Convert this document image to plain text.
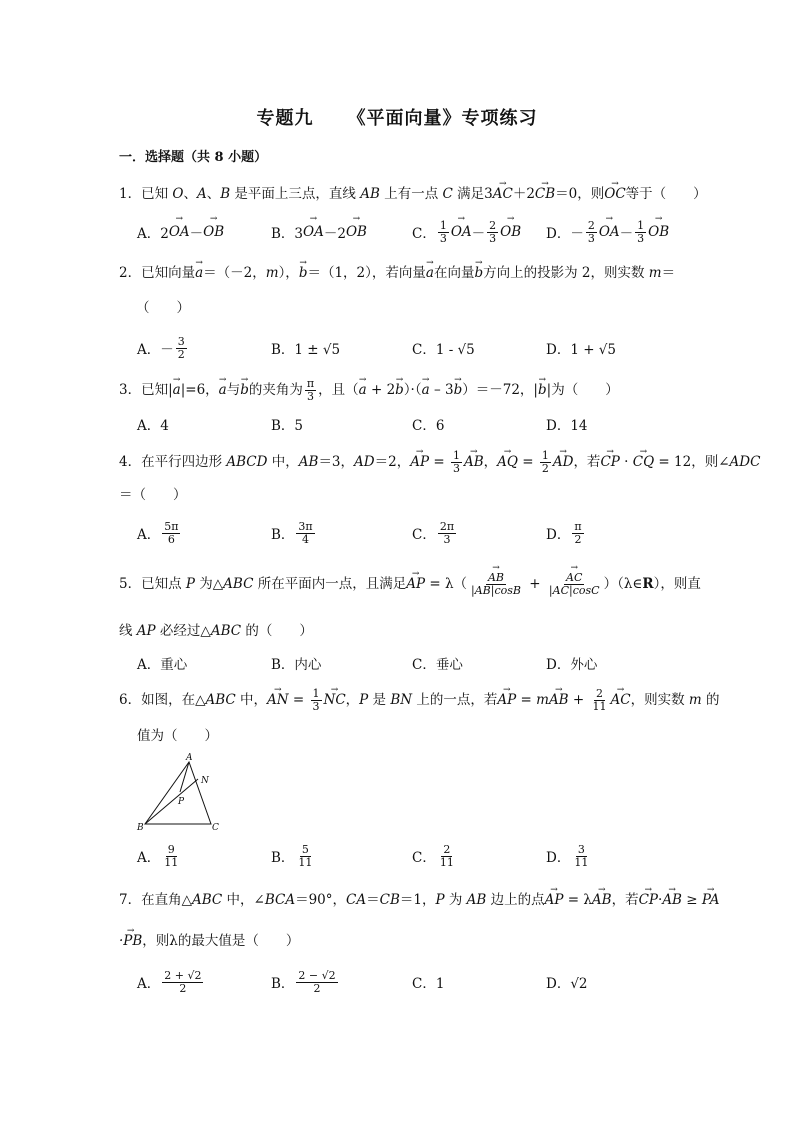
专题九 《平面向量》专项练习
一．选择题（共 8 小题）
1．已知 O、A、B 是平面上三点，直线 AB 上有一点 C 满足3→ AC＋2→ CB＝0，则→ OC等于（　　）
A．2
→ OA －
→ OB	B．3
→ OA －2
→ OB	C． $\frac{1}{3}$
→ OA － $\frac{2}{3}$
→ OB D．－ $\frac{2}{3}$
→ OA － $\frac{1}{3}$
→ OB
2．已知向量→ a＝（－2，m），→ b＝（1，2），若向量→ a在向量→ b方向上的投影为 2，则实数 m＝
（　　）
A．－ $\frac{3}{2}$	B．1 ± √5	C．1 - √5	D．1 + √5
3．已知|→ a|=6，→ a与→ b的夹角为 $\frac{\pi}{3}$ ，且（→ a + 2→ b）·（→ a – 3→ b）＝－72，|→ b|为（　　）
A．4	B．5	C．6	D．14
4．在平行四边形 ABCD 中，AB＝3，AD＝2，→ AP = $\frac{1}{3}$
→ AB，→ AQ = $\frac{1}{2}$
→ AD，若→ CP · → CQ = 12，则∠ADC
＝（　　）
A． $\frac{5\pi}{6}$	B． $\frac{3\pi}{4}$	C． $\frac{2\pi}{3}$	D． $\frac{\pi}{2}$
5．已知点 P 为△ABC 所在平面内一点，且满足→ AP = λ（
→ $\frac{AB}{|AB|\cos B}$ +
→ $\frac{AC}{|AC|\cos C}$ ）（λ∈R），则直
线 AP 必经过△ABC 的（　　）
A．重心	B．内心	C．垂心	D．外心
6．如图，在△ABC 中，→ AN = $\frac{1}{3}$
→ NC，P 是 BN 上的一点，若→ AP = m→ AB + $\frac{2}{11}$
→ AC，则实数 m 的
值为（　　）
A
N
P
B	C
A． $\frac{9}{11}$	B． $\frac{5}{11}$	C． $\frac{2}{11}$	D． $\frac{3}{11}$
7．在直角△ABC 中，∠BCA＝90°，CA＝CB＝1，P 为 AB 边上的点→ AP = λ→ AB，若→ CP·→ AB ≥ → PA
→ ·PB，则λ的最大值是（　　）
A． $\frac{2 + √2}{2}$	B． $\frac{2 - √2}{2}$	C．1	D．√2
